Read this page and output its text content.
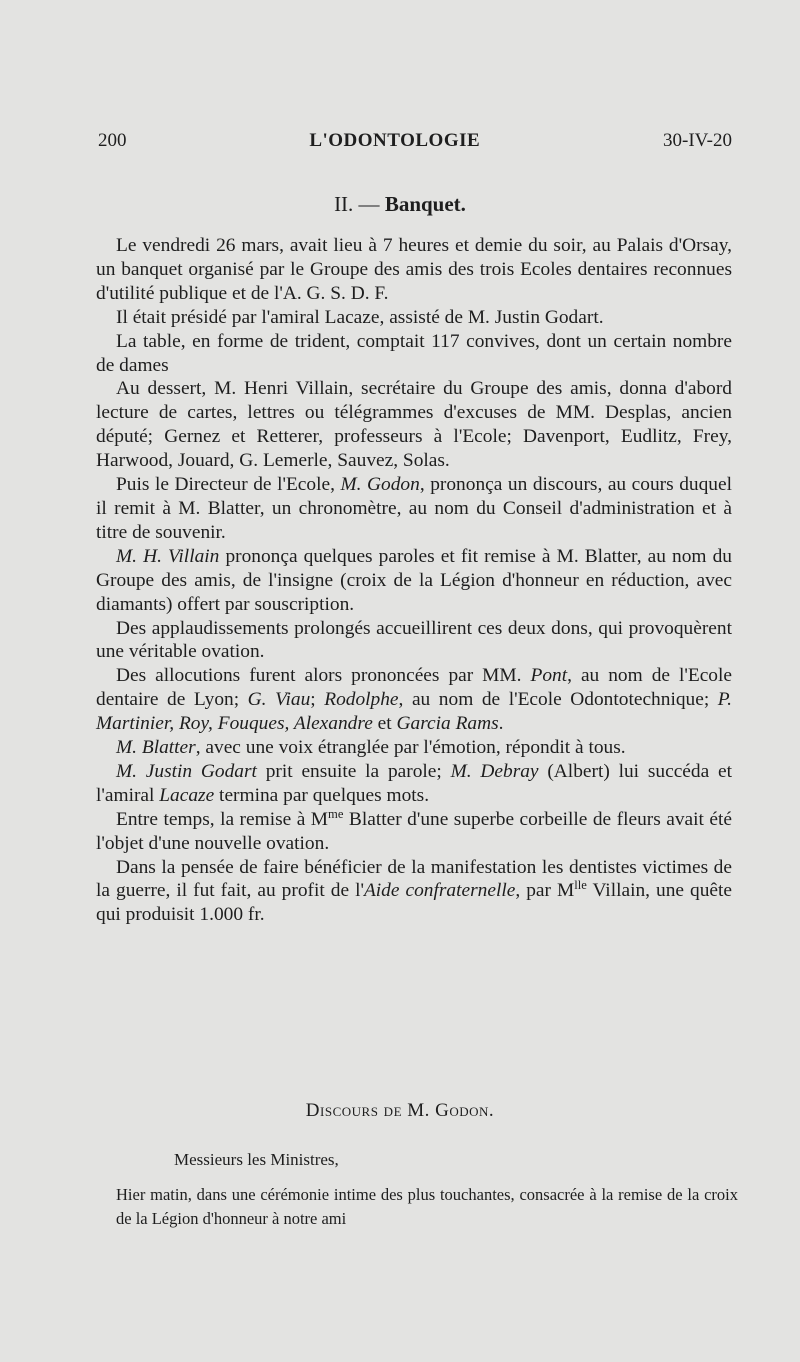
200	L'ODONTOLOGIE	30-IV-20
II. — Banquet.

Le vendredi 26 mars, avait lieu à 7 heures et demie du soir, au Palais d'Orsay, un banquet organisé par le Groupe des amis des trois Ecoles dentaires reconnues d'utilité publique et de l'A. G. S. D. F.

Il était présidé par l'amiral Lacaze, assisté de M. Justin Godart.

La table, en forme de trident, comptait 117 convives, dont un certain nombre de dames

Au dessert, M. Henri Villain, secrétaire du Groupe des amis, donna d'abord lecture de cartes, lettres ou télégrammes d'excuses de MM. Desplas, ancien député; Gernez et Retterer, professeurs à l'Ecole; Davenport, Eudlitz, Frey, Harwood, Jouard, G. Lemerle, Sauvez, Solas.

Puis le Directeur de l'Ecole, M. Godon, prononça un discours, au cours duquel il remit à M. Blatter, un chronomètre, au nom du Conseil d'administration et à titre de souvenir.

M. H. Villain prononça quelques paroles et fit remise à M. Blatter, au nom du Groupe des amis, de l'insigne (croix de la Légion d'honneur en réduction, avec diamants) offert par souscription.

Des applaudissements prolongés accueillirent ces deux dons, qui provoquèrent une véritable ovation.

Des allocutions furent alors prononcées par MM. Pont, au nom de l'Ecole dentaire de Lyon; G. Viau; Rodolphe, au nom de l'Ecole Odontotechnique; P. Martinier, Roy, Fouques, Alexandre et Garcia Rams.

M. Blatter, avec une voix étranglée par l'émotion, répondit à tous.

M. Justin Godart prit ensuite la parole; M. Debray (Albert) lui succéda et l'amiral Lacaze termina par quelques mots.

Entre temps, la remise à $M^{me}$ Blatter d'une superbe corbeille de fleurs avait été l'objet d'une nouvelle ovation.

Dans la pensée de faire bénéficier de la manifestation les dentistes victimes de la guerre, il fut fait, au profit de l'Aide confraternelle, par $M^{lle}$ Villain, une quête qui produisit 1.000 fr.

Discours de M. Godon.
Messieurs les Ministres,

Hier matin, dans une cérémonie intime des plus touchantes, consacrée à la remise de la croix de la Légion d'honneur à notre ami
